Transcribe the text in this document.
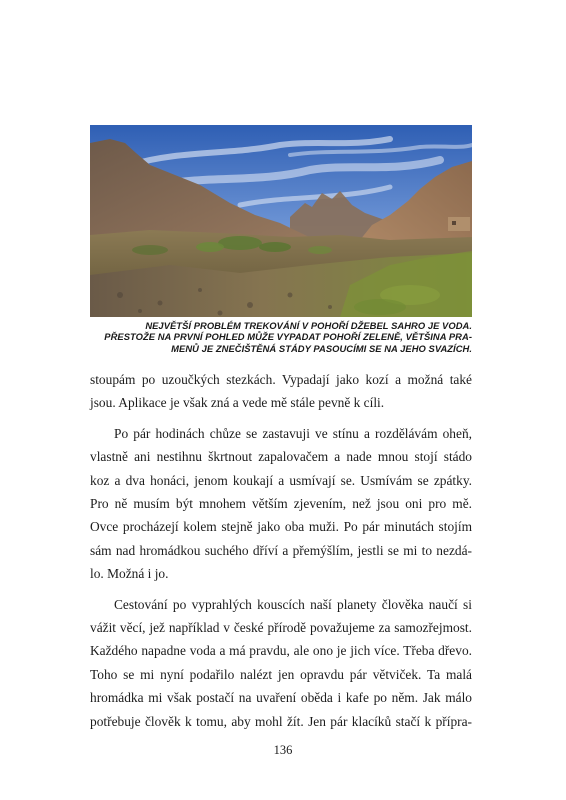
NEJVĚTŠÍ PROBLÉM TREKOVÁNÍ V POHOŘÍ DŽEBEL SAHRO JE VODA.
PŘESTOŽE NA PRVNÍ POHLED MŮŽE VYPADAT POHOŘÍ ZELENĚ, VĚTŠINA PRA-
MENŮ JE ZNEČIŠTĚNÁ STÁDY PASOUCÍMI SE NA JEHO SVAZÍCH.
stoupám po uzoučkých stezkách. Vypadají jako kozí a možná také
jsou. Aplikace je však zná a vede mě stále pevně k cíli.
Po pár hodinách chůze se zastavuji ve stínu a rozdělávám oheň,
vlastně ani nestihnu škrtnout zapalovačem a nade mnou stojí stádo
koz a dva honáci, jenom koukají a usmívají se. Usmívám se zpátky.
Pro ně musím být mnohem větším zjevením, než jsou oni pro mě.
Ovce procházejí kolem stejně jako oba muži. Po pár minutách stojím
sám nad hromádkou suchého dříví a přemýšlím, jestli se mi to nezdá-
lo. Možná i jo.
Cestování po vyprahlých kouscích naší planety člověka naučí si
vážit věcí, jež například v české přírodě považujeme za samozřejmost.
Každého napadne voda a má pravdu, ale ono je jich více. Třeba dřevo.
Toho se mi nyní podařilo nalézt jen opravdu pár větviček. Ta malá
hromádka mi však postačí na uvaření oběda i kafe po něm. Jak málo
potřebuje člověk k tomu, aby mohl žít. Jen pár klacíků stačí k přípra-
136
